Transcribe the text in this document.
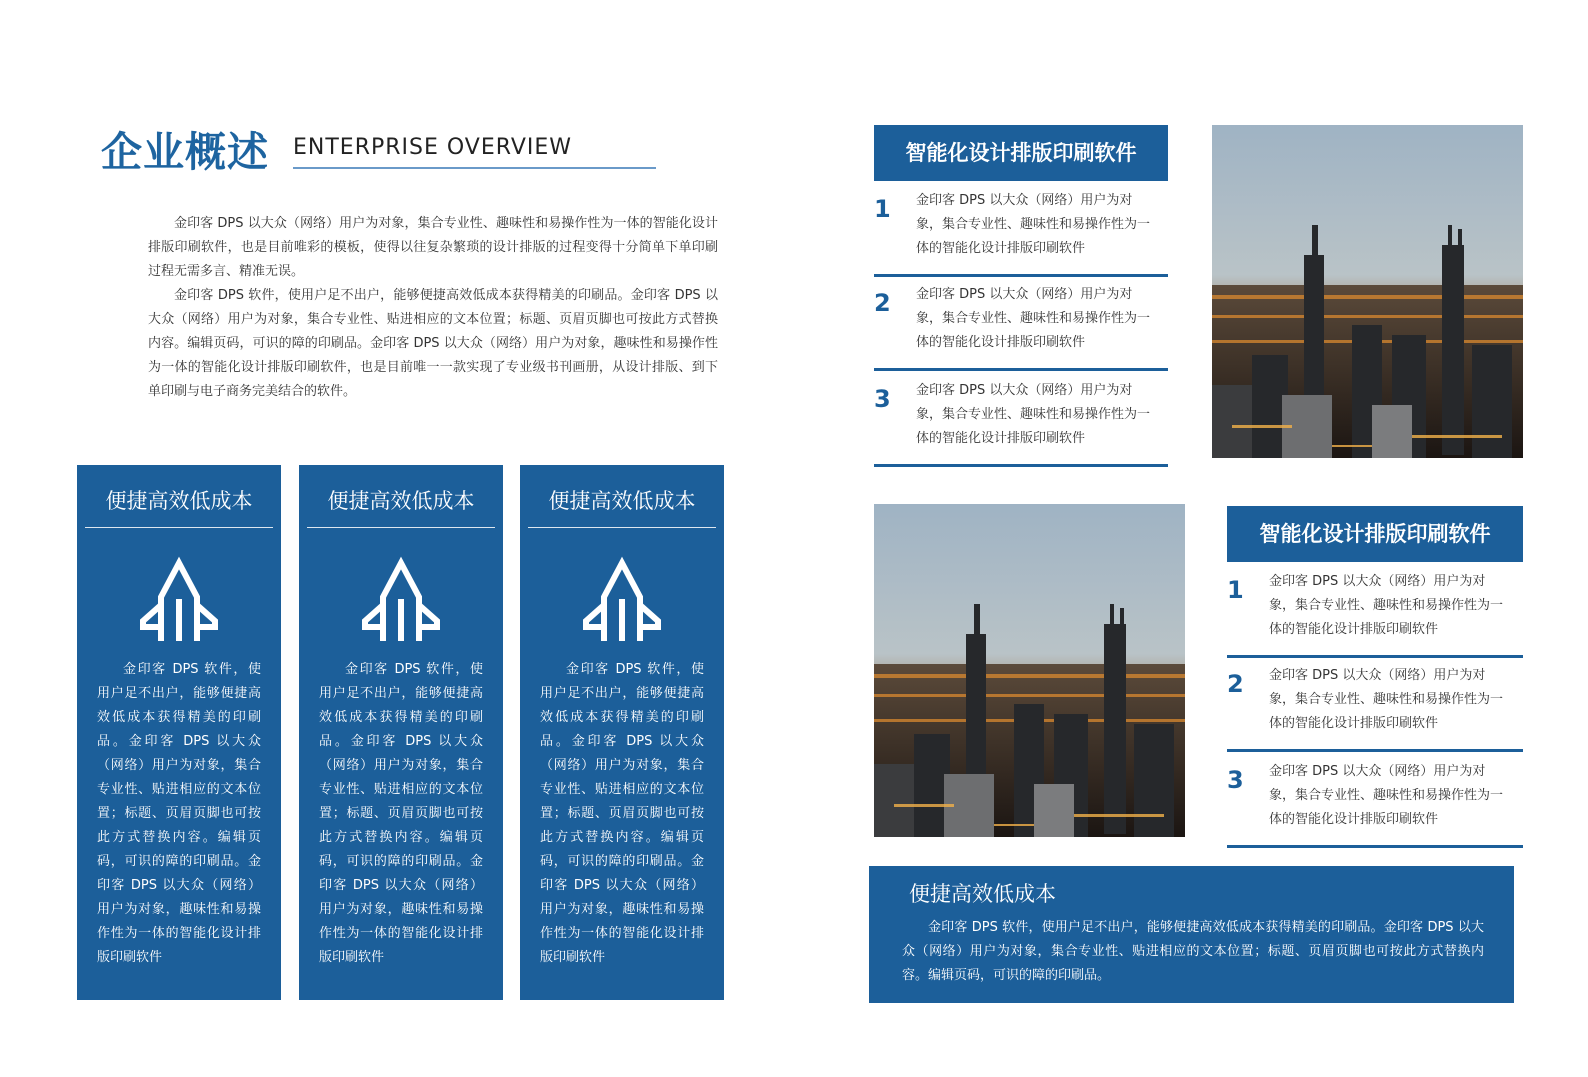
企业概述 ENTERPRISE OVERVIEW

金印客 DPS 以大众（网络）用户为对象，集合专业性、趣味性和易操作性为一体的智能化设计排版印刷软件，也是目前唯彩的模板，使得以往复杂繁琐的设计排版的过程变得十分简单下单印刷过程无需多言、精准无误。

金印客 DPS 软件，使用户足不出户，能够便捷高效低成本获得精美的印刷品。金印客 DPS 以大众（网络）用户为对象，集合专业性、贴进相应的文本位置；标题、页眉页脚也可按此方式替换内容。编辑页码，可识的障的印刷品。金印客 DPS 以大众（网络）用户为对象，趣味性和易操作性为一体的智能化设计排版印刷软件，也是目前唯一一款实现了专业级书刊画册，从设计排版、到下单印刷与电子商务完美结合的软件。

便捷高效低成本
金印客 DPS 软件，使用户足不出户，能够便捷高效低成本获得精美的印刷品。金印客 DPS 以大众（网络）用户为对象，集合专业性、贴进相应的文本位置；标题、页眉页脚也可按此方式替换内容。编辑页码，可识的障的印刷品。金印客 DPS 以大众（网络）用户为对象，趣味性和易操作性为一体的智能化设计排版印刷软件
便捷高效低成本
金印客 DPS 软件，使用户足不出户，能够便捷高效低成本获得精美的印刷品。金印客 DPS 以大众（网络）用户为对象，集合专业性、贴进相应的文本位置；标题、页眉页脚也可按此方式替换内容。编辑页码，可识的障的印刷品。金印客 DPS 以大众（网络）用户为对象，趣味性和易操作性为一体的智能化设计排版印刷软件
便捷高效低成本
金印客 DPS 软件，使用户足不出户，能够便捷高效低成本获得精美的印刷品。金印客 DPS 以大众（网络）用户为对象，集合专业性、贴进相应的文本位置；标题、页眉页脚也可按此方式替换内容。编辑页码，可识的障的印刷品。金印客 DPS 以大众（网络）用户为对象，趣味性和易操作性为一体的智能化设计排版印刷软件
智能化设计排版印刷软件
1 金印客 DPS 以大众（网络）用户为对象，集合专业性、趣味性和易操作性为一体的智能化设计排版印刷软件
2 金印客 DPS 以大众（网络）用户为对象，集合专业性、趣味性和易操作性为一体的智能化设计排版印刷软件
3 金印客 DPS 以大众（网络）用户为对象，集合专业性、趣味性和易操作性为一体的智能化设计排版印刷软件
智能化设计排版印刷软件
1 金印客 DPS 以大众（网络）用户为对象，集合专业性、趣味性和易操作性为一体的智能化设计排版印刷软件
2 金印客 DPS 以大众（网络）用户为对象，集合专业性、趣味性和易操作性为一体的智能化设计排版印刷软件
3 金印客 DPS 以大众（网络）用户为对象，集合专业性、趣味性和易操作性为一体的智能化设计排版印刷软件
便捷高效低成本
金印客 DPS 软件，使用户足不出户，能够便捷高效低成本获得精美的印刷品。金印客 DPS 以大众（网络）用户为对象，集合专业性、贴进相应的文本位置；标题、页眉页脚也可按此方式替换内容。编辑页码，可识的障的印刷品。
